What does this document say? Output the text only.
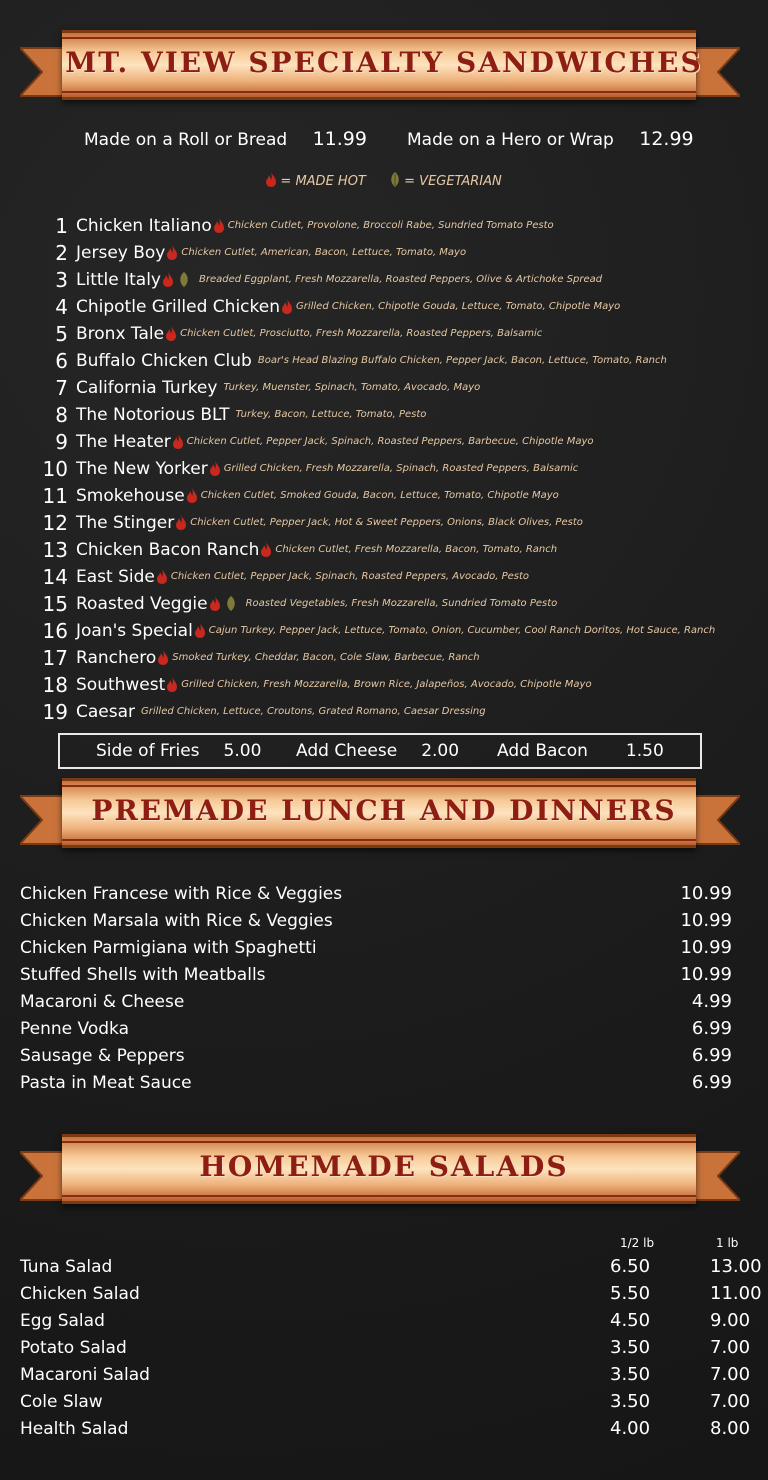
MT. VIEW SPECIALTY SANDWICHES
Made on a Roll or Bread 11.99 Made on a Hero or Wrap 12.99
= MADE HOT	= VEGETARIAN
1 Chicken Italiano Chicken Cutlet, Provolone, Broccoli Rabe, Sundried Tomato Pesto
2 Jersey Boy Chicken Cutlet, American, Bacon, Lettuce, Tomato, Mayo
3 Little Italy	Breaded Eggplant, Fresh Mozzarella, Roasted Peppers, Olive & Artichoke Spread
4 Chipotle Grilled Chicken Grilled Chicken, Chipotle Gouda, Lettuce, Tomato, Chipotle Mayo
5 Bronx Tale Chicken Cutlet, Prosciutto, Fresh Mozzarella, Roasted Peppers, Balsamic
6 Buffalo Chicken Club Boar's Head Blazing Buffalo Chicken, Pepper Jack, Bacon, Lettuce, Tomato, Ranch
7 California Turkey Turkey, Muenster, Spinach, Tomato, Avocado, Mayo
8 The Notorious BLT Turkey, Bacon, Lettuce, Tomato, Pesto
9 The Heater Chicken Cutlet, Pepper Jack, Spinach, Roasted Peppers, Barbecue, Chipotle Mayo
10 The New Yorker Grilled Chicken, Fresh Mozzarella, Spinach, Roasted Peppers, Balsamic
11 Smokehouse Chicken Cutlet, Smoked Gouda, Bacon, Lettuce, Tomato, Chipotle Mayo
12 The Stinger Chicken Cutlet, Pepper Jack, Hot & Sweet Peppers, Onions, Black Olives, Pesto
13 Chicken Bacon Ranch Chicken Cutlet, Fresh Mozzarella, Bacon, Tomato, Ranch
14 East Side Chicken Cutlet, Pepper Jack, Spinach, Roasted Peppers, Avocado, Pesto
15 Roasted Veggie	Roasted Vegetables, Fresh Mozzarella, Sundried Tomato Pesto
16 Joan's Special Cajun Turkey, Pepper Jack, Lettuce, Tomato, Onion, Cucumber, Cool Ranch Doritos, Hot Sauce, Ranch
17 Ranchero Smoked Turkey, Cheddar, Bacon, Cole Slaw, Barbecue, Ranch
18 Southwest Grilled Chicken, Fresh Mozzarella, Brown Rice, Jalapeños, Avocado, Chipotle Mayo
19 Caesar Grilled Chicken, Lettuce, Croutons, Grated Romano, Caesar Dressing
Side of Fries 5.00 Add Cheese 2.00 Add Bacon 1.50
PREMADE LUNCH AND DINNERS
Chicken Francese with Rice & Veggies	10.99
Chicken Marsala with Rice & Veggies	10.99
Chicken Parmigiana with Spaghetti	10.99
Stuffed Shells with Meatballs	10.99
Macaroni & Cheese	4.99
Penne Vodka	6.99
Sausage & Peppers	6.99
Pasta in Meat Sauce	6.99
HOMEMADE SALADS
1/2 lb	1 lb
Tuna Salad	6.50	13.00
Chicken Salad	5.50	11.00
Egg Salad	4.50	9.00
Potato Salad	3.50	7.00
Macaroni Salad	3.50	7.00
Cole Slaw	3.50	7.00
Health Salad	4.00	8.00
